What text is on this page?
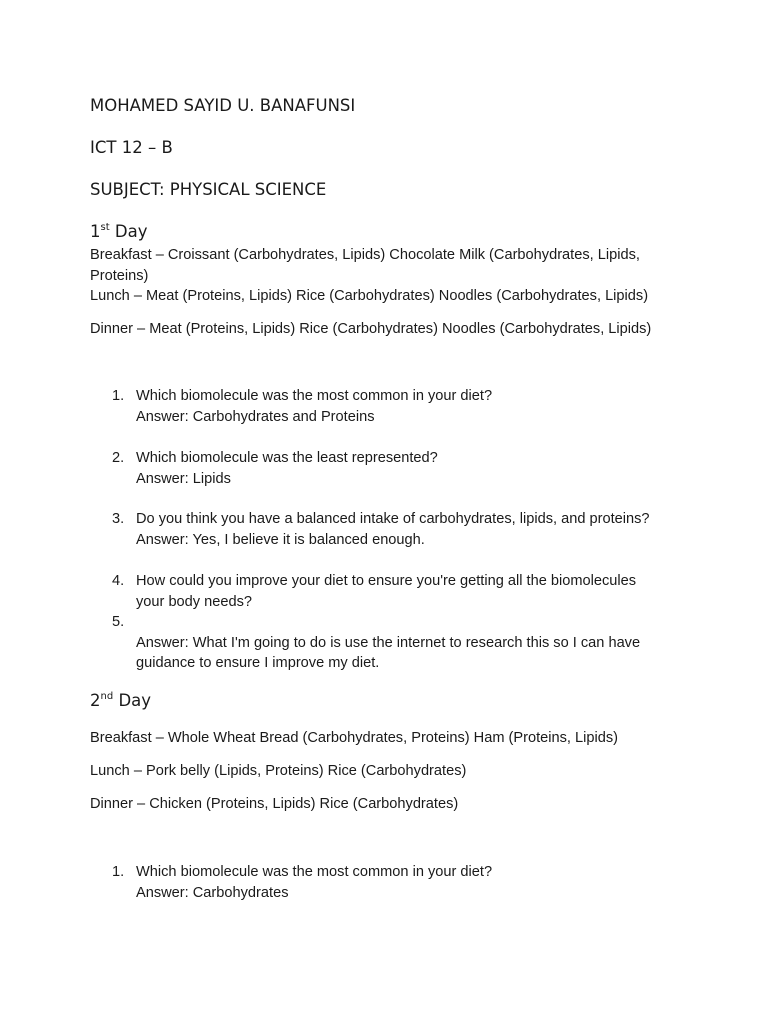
MOHAMED SAYID U. BANAFUNSI

ICT 12 – B

SUBJECT: PHYSICAL SCIENCE

1st Day

Breakfast – Croissant (Carbohydrates, Lipids) Chocolate Milk (Carbohydrates, Lipids, Proteins)

Lunch – Meat (Proteins, Lipids) Rice (Carbohydrates) Noodles (Carbohydrates, Lipids)

Dinner – Meat (Proteins, Lipids) Rice (Carbohydrates) Noodles (Carbohydrates, Lipids)

1. Which biomolecule was the most common in your diet?
Answer: Carbohydrates and Proteins
2. Which biomolecule was the least represented?
Answer: Lipids
3. Do you think you have a balanced intake of carbohydrates, lipids, and proteins?
Answer: Yes, I believe it is balanced enough.
4. How could you improve your diet to ensure you're getting all the biomolecules your body needs?
5.
Answer: What I'm going to do is use the internet to research this so I can have guidance to ensure I improve my diet.

2nd Day

Breakfast – Whole Wheat Bread (Carbohydrates, Proteins) Ham (Proteins, Lipids)

Lunch – Pork belly (Lipids, Proteins) Rice (Carbohydrates)

Dinner – Chicken (Proteins, Lipids) Rice (Carbohydrates)

1. Which biomolecule was the most common in your diet?
Answer: Carbohydrates
